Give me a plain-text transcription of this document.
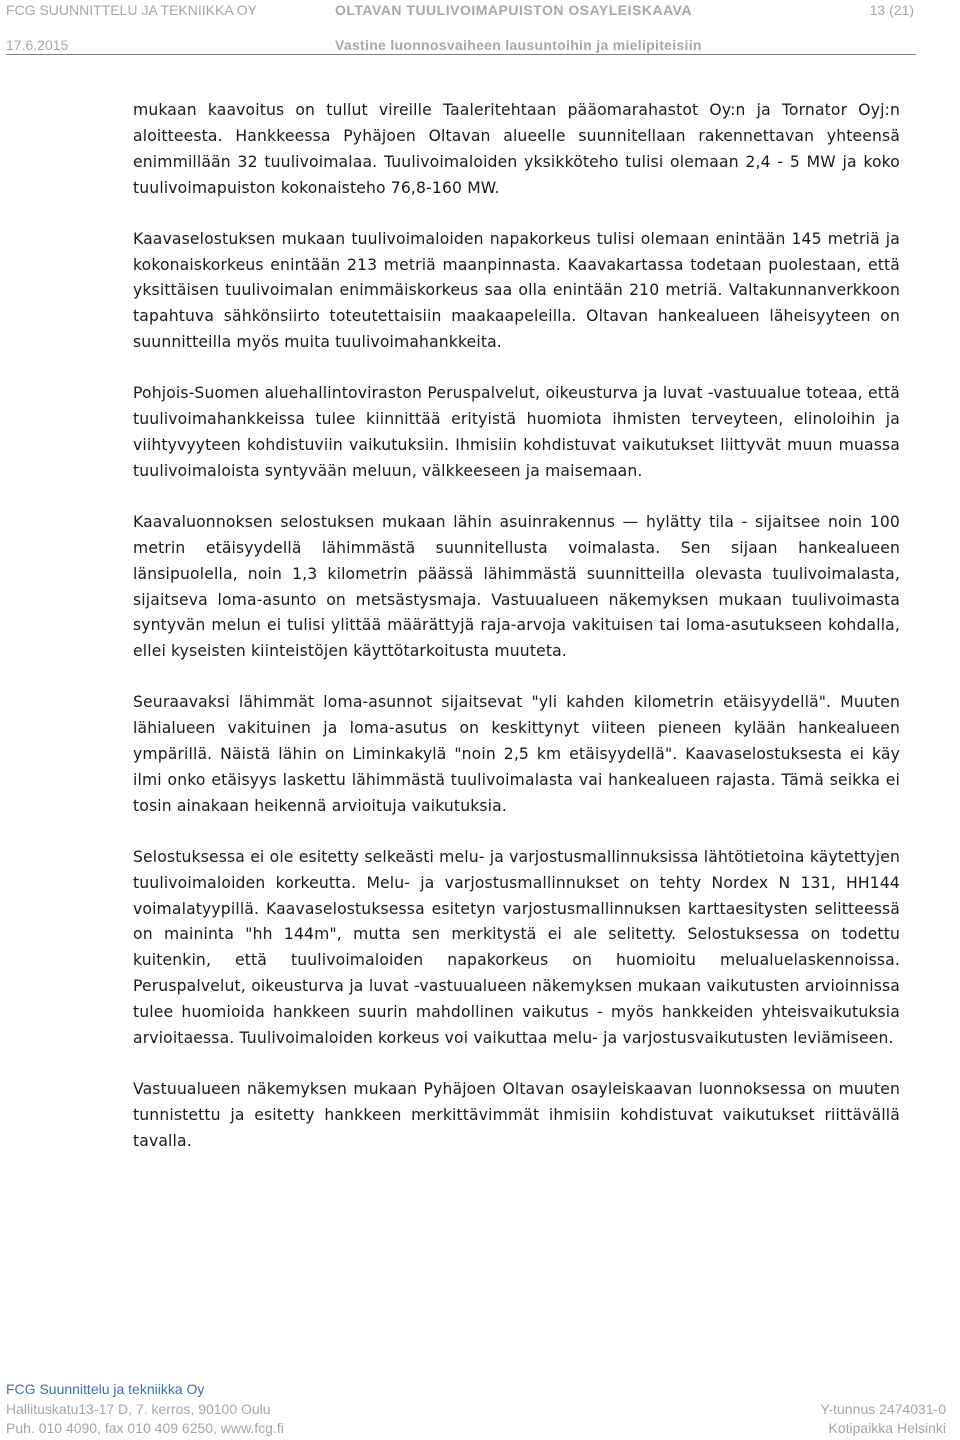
FCG SUUNNITTELU JA TEKNIIKKA OY	OLTAVAN TUULIVOIMAPUISTON OSAYLEISKAAVA	13 (21)
17.6.2015	Vastine luonnosvaiheen lausuntoihin ja mielipiteisiin

mukaan kaavoitus on tullut vireille Taaleritehtaan pääomarahastot Oy:n ja Tornator Oyj:n aloitteesta. Hankkeessa Pyhäjoen Oltavan alueelle suunnitellaan rakennettavan yhteensä enimmillään 32 tuulivoimalaa. Tuulivoimaloiden yksikköteho tulisi olemaan 2,4 - 5 MW ja koko tuulivoimapuiston kokonaisteho 76,8-160 MW.

Kaavaselostuksen mukaan tuulivoimaloiden napakorkeus tulisi olemaan enintään 145 metriä ja kokonaiskorkeus enintään 213 metriä maanpinnasta. Kaavakartassa todetaan puolestaan, että yksittäisen tuulivoimalan enimmäiskorkeus saa olla enintään 210 metriä. Valtakunnanverkkoon tapahtuva sähkönsiirto toteutettaisiin maakaapeleilla. Oltavan hankealueen läheisyyteen on suunnitteilla myös muita tuulivoimahankkeita.

Pohjois-Suomen aluehallintoviraston Peruspalvelut, oikeusturva ja luvat -vastuualue toteaa, että tuulivoimahankkeissa tulee kiinnittää erityistä huomiota ihmisten terveyteen, elinoloihin ja viihtyvyyteen kohdistuviin vaikutuksiin. Ihmisiin kohdistuvat vaikutukset liittyvät muun muassa tuulivoimaloista syntyvään meluun, välkkeeseen ja maisemaan.

Kaavaluonnoksen selostuksen mukaan lähin asuinrakennus — hylätty tila - sijaitsee noin 100 metrin etäisyydellä lähimmästä suunnitellusta voimalasta. Sen sijaan hankealueen länsipuolella, noin 1,3 kilometrin päässä lähimmästä suunnitteilla olevasta tuulivoimalasta, sijaitseva loma-asunto on metsästysmaja. Vastuualueen näkemyksen mukaan tuulivoimasta syntyvän melun ei tulisi ylittää määrättyjä raja-arvoja vakituisen tai loma-asutukseen kohdalla, ellei kyseisten kiinteistöjen käyttötarkoitusta muuteta.

Seuraavaksi lähimmät loma-asunnot sijaitsevat "yli kahden kilometrin etäisyydellä". Muuten lähialueen vakituinen ja loma-asutus on keskittynyt viiteen pieneen kylään hankealueen ympärillä. Näistä lähin on Liminkakylä "noin 2,5 km etäisyydellä". Kaavaselostuksesta ei käy ilmi onko etäisyys laskettu lähimmästä tuulivoimalasta vai hankealueen rajasta. Tämä seikka ei tosin ainakaan heikennä arvioituja vaikutuksia.

Selostuksessa ei ole esitetty selkeästi melu- ja varjostusmallinnuksissa lähtötietoina käytettyjen tuulivoimaloiden korkeutta. Melu- ja varjostusmallinnukset on tehty Nordex N 131, HH144 voimalatyypillä. Kaavaselostuksessa esitetyn varjostusmallinnuksen karttaesitysten selitteessä on maininta "hh 144m", mutta sen merkitystä ei ale selitetty. Selostuksessa on todettu kuitenkin, että tuulivoimaloiden napakorkeus on huomioitu melualuelaskennoissa. Peruspalvelut, oikeusturva ja luvat -vastuualueen näkemyksen mukaan vaikutusten arvioinnissa tulee huomioida hankkeen suurin mahdollinen vaikutus - myös hankkeiden yhteisvaikutuksia arvioitaessa. Tuulivoimaloiden korkeus voi vaikuttaa melu- ja varjostusvaikutusten leviämiseen.

Vastuualueen näkemyksen mukaan Pyhäjoen Oltavan osayleiskaavan luonnoksessa on muuten tunnistettu ja esitetty hankkeen merkittävimmät ihmisiin kohdistuvat vaikutukset riittävällä tavalla.

FCG Suunnittelu ja tekniikka Oy
Hallituskatu13-17 D, 7. kerros, 90100 Oulu
Puh. 010 4090, fax 010 409 6250, www.fcg.fi
Y-tunnus 2474031-0
Kotipaikka Helsinki
